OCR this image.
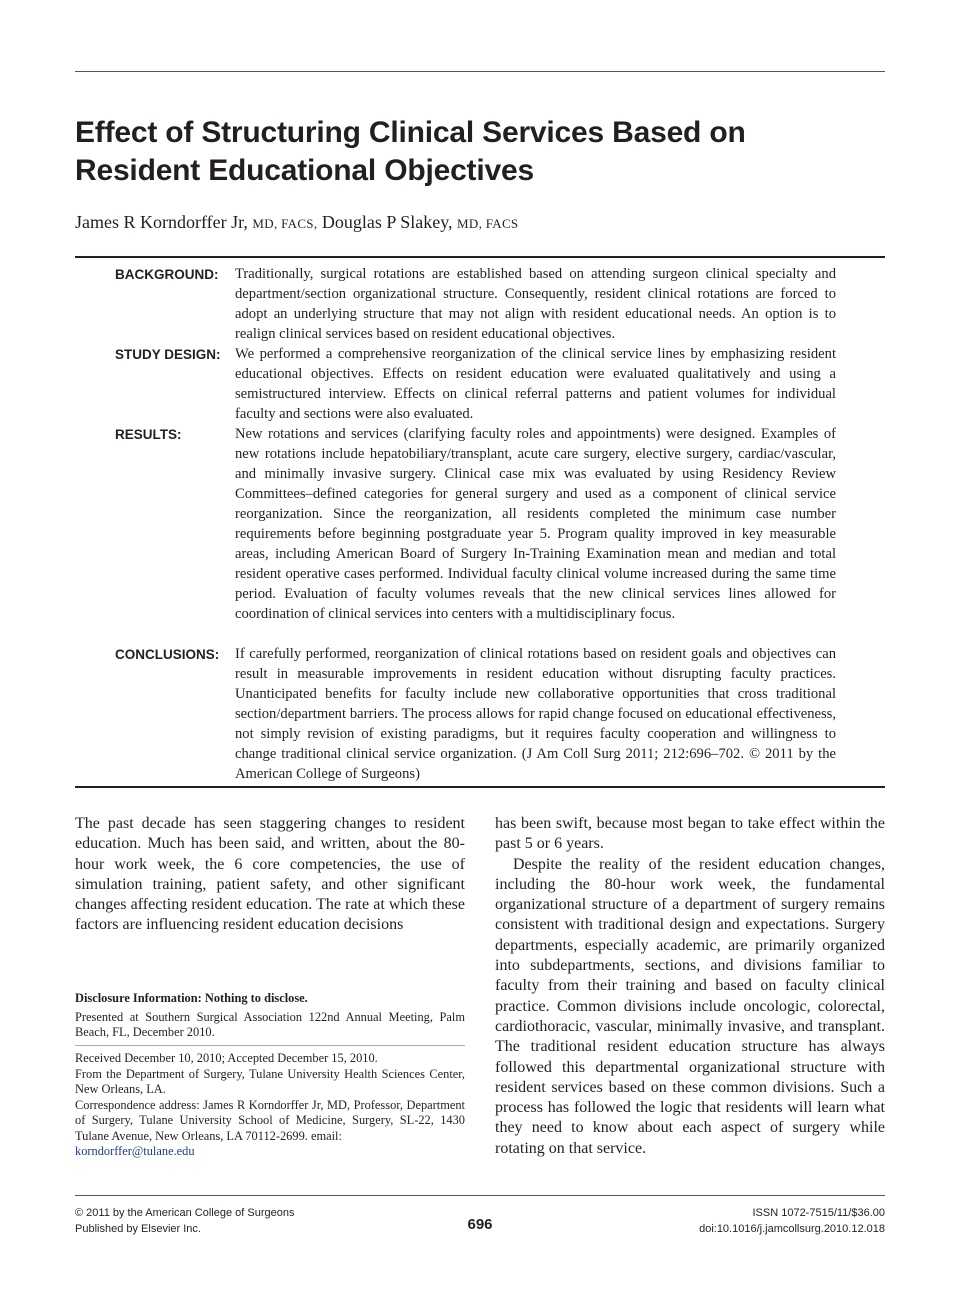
Effect of Structuring Clinical Services Based on
Resident Educational Objectives
James R Korndorffer Jr, MD, FACS, Douglas P Slakey, MD, FACS
BACKGROUND:	Traditionally, surgical rotations are established based on attending surgeon clinical specialty and department/section organizational structure. Consequently, resident clinical rotations are forced to adopt an underlying structure that may not align with resident educational needs. An option is to realign clinical services based on resident educational objectives.

STUDY DESIGN: We performed a comprehensive reorganization of the clinical service lines by emphasizing resident educational objectives. Effects on resident education were evaluated qualitatively and using a semistructured interview. Effects on clinical referral patterns and patient volumes for individual faculty and sections were also evaluated.

RESULTS:	New rotations and services (clarifying faculty roles and appointments) were designed. Examples of new rotations include hepatobiliary/transplant, acute care surgery, elective surgery, cardiac/vascular, and minimally invasive surgery. Clinical case mix was evaluated by using Residency Review Committees–defined categories for general surgery and used as a component of clinical service reorganization. Since the reorganization, all residents completed the minimum case number requirements before beginning postgraduate year 5. Program quality improved in key measurable areas, including American Board of Surgery In-Training Examination mean and median and total resident operative cases performed. Individual faculty clinical volume increased during the same time period. Evaluation of faculty volumes reveals that the new clinical services lines allowed for coordination of clinical services into centers with a multidisciplinary focus.

CONCLUSIONS:	If carefully performed, reorganization of clinical rotations based on resident goals and objectives can result in measurable improvements in resident education without disrupting faculty practices. Unanticipated benefits for faculty include new collaborative opportunities that cross traditional section/department barriers. The process allows for rapid change focused on educational effectiveness, not simply revision of existing paradigms, but it requires faculty cooperation and willingness to change traditional clinical service organization. (J Am Coll Surg 2011; 212:696–702. © 2011 by the American College of Surgeons)

The past decade has seen staggering changes to resident education. Much has been said, and written, about the 80-hour work week, the 6 core competencies, the use of simulation training, patient safety, and other significant changes affecting resident education. The rate at which these factors are influencing resident education decisions

has been swift, because most began to take effect within the past 5 or 6 years.

Despite the reality of the resident education changes, including the 80-hour work week, the fundamental organizational structure of a department of surgery remains consistent with traditional design and expectations. Surgery departments, especially academic, are primarily organized into subdepartments, sections, and divisions familiar to faculty from their training and based on faculty clinical practice. Common divisions include oncologic, colorectal, cardiothoracic, vascular, minimally invasive, and transplant. The traditional resident education structure has always followed this departmental organizational structure with resident services based on these common divisions. Such a process has followed the logic that residents will learn what they need to know about each aspect of surgery while rotating on that service.

Disclosure Information: Nothing to disclose.

Presented at Southern Surgical Association 122nd Annual Meeting, Palm Beach, FL, December 2010.

Received December 10, 2010; Accepted December 15, 2010.

From the Department of Surgery, Tulane University Health Sciences Center, New Orleans, LA.

Correspondence address: James R Korndorffer Jr, MD, Professor, Department of Surgery, Tulane University School of Medicine, Surgery, SL-22, 1430 Tulane Avenue, New Orleans, LA 70112-2699. email:
korndorffer@tulane.edu

© 2011 by the American College of Surgeons
Published by Elsevier Inc.	696
ISSN 1072-7515/11/$36.00
doi:10.1016/j.jamcollsurg.2010.12.018
